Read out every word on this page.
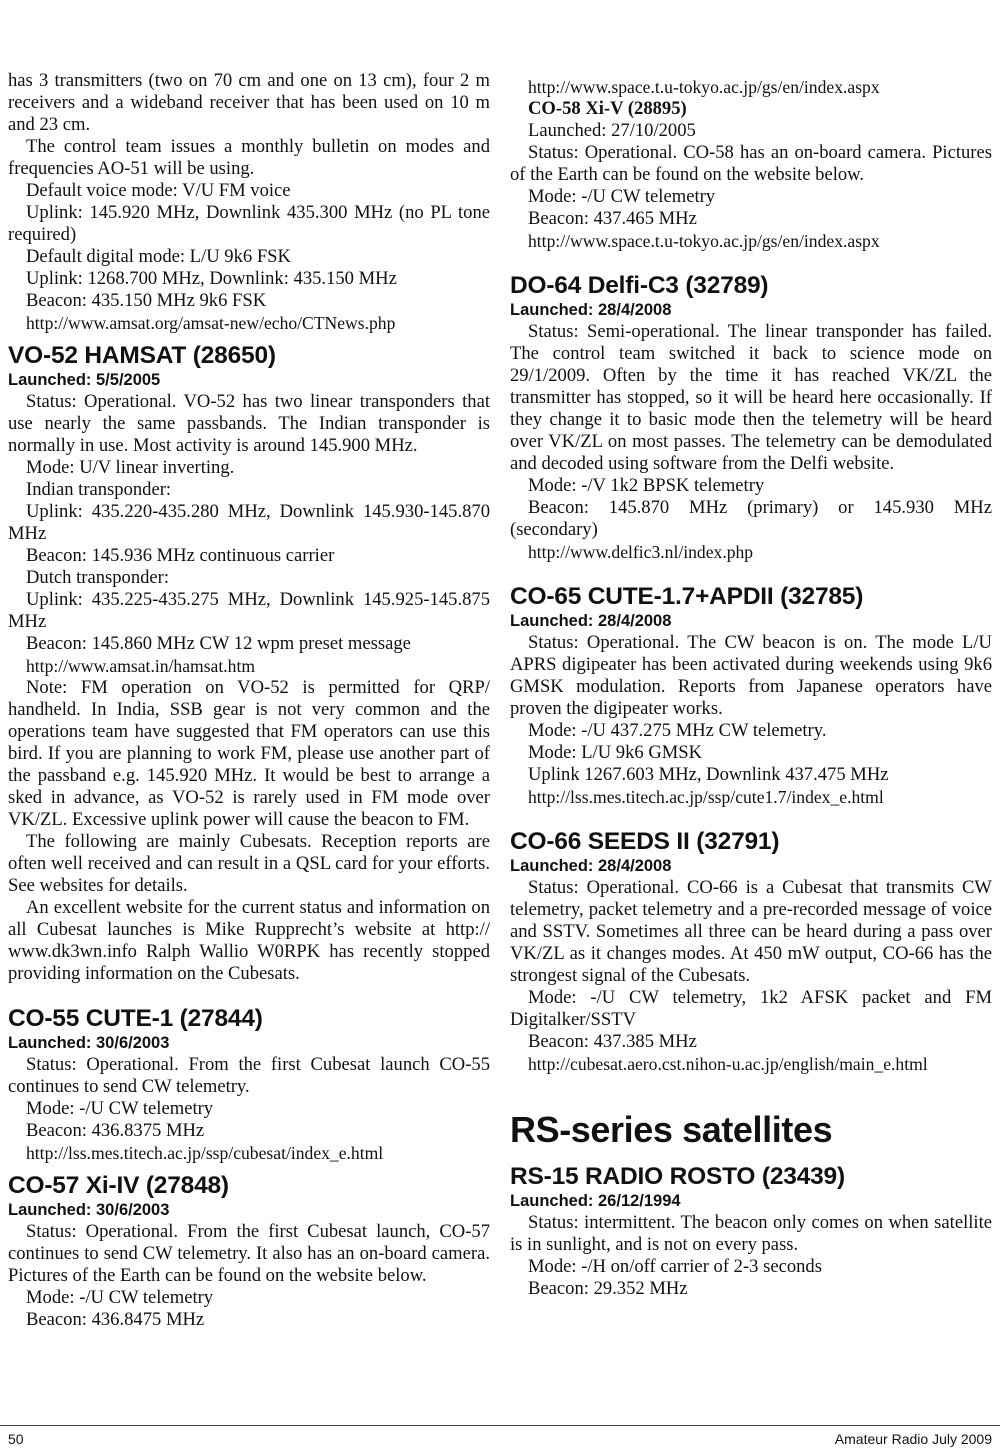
has 3 transmitters (two on 70 cm and one on 13 cm), four 2 m receivers and a wideband receiver that has been used on 10 m and 23 cm.

The control team issues a monthly bulletin on modes and frequencies AO-51 will be using.

Default voice mode: V/U FM voice

Uplink: 145.920 MHz, Downlink 435.300 MHz (no PL tone required)

Default digital mode: L/U 9k6 FSK

Uplink: 1268.700 MHz, Downlink: 435.150 MHz

Beacon: 435.150 MHz 9k6 FSK

http://www.amsat.org/amsat-new/echo/CTNews.php

VO-52 HAMSAT (28650)

Launched: 5/5/2005

Status: Operational. VO-52 has two linear transponders that use nearly the same passbands. The Indian transponder is normally in use. Most activity is around 145.900 MHz.

Mode: U/V linear inverting.

Indian transponder:

Uplink: 435.220-435.280 MHz, Downlink 145.930-145.870 MHz

Beacon: 145.936 MHz continuous carrier

Dutch transponder:

Uplink: 435.225-435.275 MHz, Downlink 145.925-145.875 MHz

Beacon: 145.860 MHz CW 12 wpm preset message

http://www.amsat.in/hamsat.htm

Note: FM operation on VO-52 is permitted for QRP/ handheld. In India, SSB gear is not very common and the operations team have suggested that FM operators can use this bird. If you are planning to work FM, please use another part of the passband e.g. 145.920 MHz. It would be best to arrange a sked in advance, as VO-52 is rarely used in FM mode over VK/ZL. Excessive uplink power will cause the beacon to FM.

The following are mainly Cubesats. Reception reports are often well received and can result in a QSL card for your efforts. See websites for details.

An excellent website for the current status and information on all Cubesat launches is Mike Rupprecht’s website at http:// www.dk3wn.info Ralph Wallio W0RPK has recently stopped providing information on the Cubesats.

CO-55 CUTE-1 (27844)

Launched: 30/6/2003

Status: Operational. From the first Cubesat launch CO-55 continues to send CW telemetry.

Mode: -/U CW telemetry

Beacon: 436.8375 MHz

http://lss.mes.titech.ac.jp/ssp/cubesat/index_e.html

CO-57 Xi-IV (27848)

Launched: 30/6/2003

Status: Operational. From the first Cubesat launch, CO-57 continues to send CW telemetry. It also has an on-board camera. Pictures of the Earth can be found on the website below.

Mode: -/U CW telemetry

Beacon: 436.8475 MHz

http://www.space.t.u-tokyo.ac.jp/gs/en/index.aspx

CO-58 Xi-V (28895)

Launched: 27/10/2005

Status: Operational. CO-58 has an on-board camera. Pictures of the Earth can be found on the website below.

Mode: -/U CW telemetry

Beacon: 437.465 MHz

http://www.space.t.u-tokyo.ac.jp/gs/en/index.aspx

DO-64 Delfi-C3 (32789)

Launched: 28/4/2008

Status: Semi-operational. The linear transponder has failed. The control team switched it back to science mode on 29/1/2009. Often by the time it has reached VK/ZL the transmitter has stopped, so it will be heard here occasionally. If they change it to basic mode then the telemetry will be heard over VK/ZL on most passes. The telemetry can be demodulated and decoded using software from the Delfi website.

Mode: -/V 1k2 BPSK telemetry

Beacon: 145.870 MHz (primary) or 145.930 MHz (secondary)

http://www.delfic3.nl/index.php

CO-65 CUTE-1.7+APDII (32785)

Launched: 28/4/2008

Status: Operational. The CW beacon is on. The mode L/U APRS digipeater has been activated during weekends using 9k6 GMSK modulation. Reports from Japanese operators have proven the digipeater works.

Mode: -/U 437.275 MHz CW telemetry.

Mode: L/U 9k6 GMSK

Uplink 1267.603 MHz, Downlink 437.475 MHz

http://lss.mes.titech.ac.jp/ssp/cute1.7/index_e.html

CO-66 SEEDS II (32791)

Launched: 28/4/2008

Status: Operational. CO-66 is a Cubesat that transmits CW telemetry, packet telemetry and a pre-recorded message of voice and SSTV. Sometimes all three can be heard during a pass over VK/ZL as it changes modes. At 450 mW output, CO-66 has the strongest signal of the Cubesats.

Mode: -/U CW telemetry, 1k2 AFSK packet and FM Digitalker/SSTV

Beacon: 437.385 MHz

http://cubesat.aero.cst.nihon-u.ac.jp/english/main_e.html

RS-series satellites
RS-15 RADIO ROSTO (23439)

Launched: 26/12/1994

Status: intermittent. The beacon only comes on when satellite is in sunlight, and is not on every pass.

Mode: -/H on/off carrier of 2-3 seconds

Beacon: 29.352 MHz

50	Amateur Radio July 2009
